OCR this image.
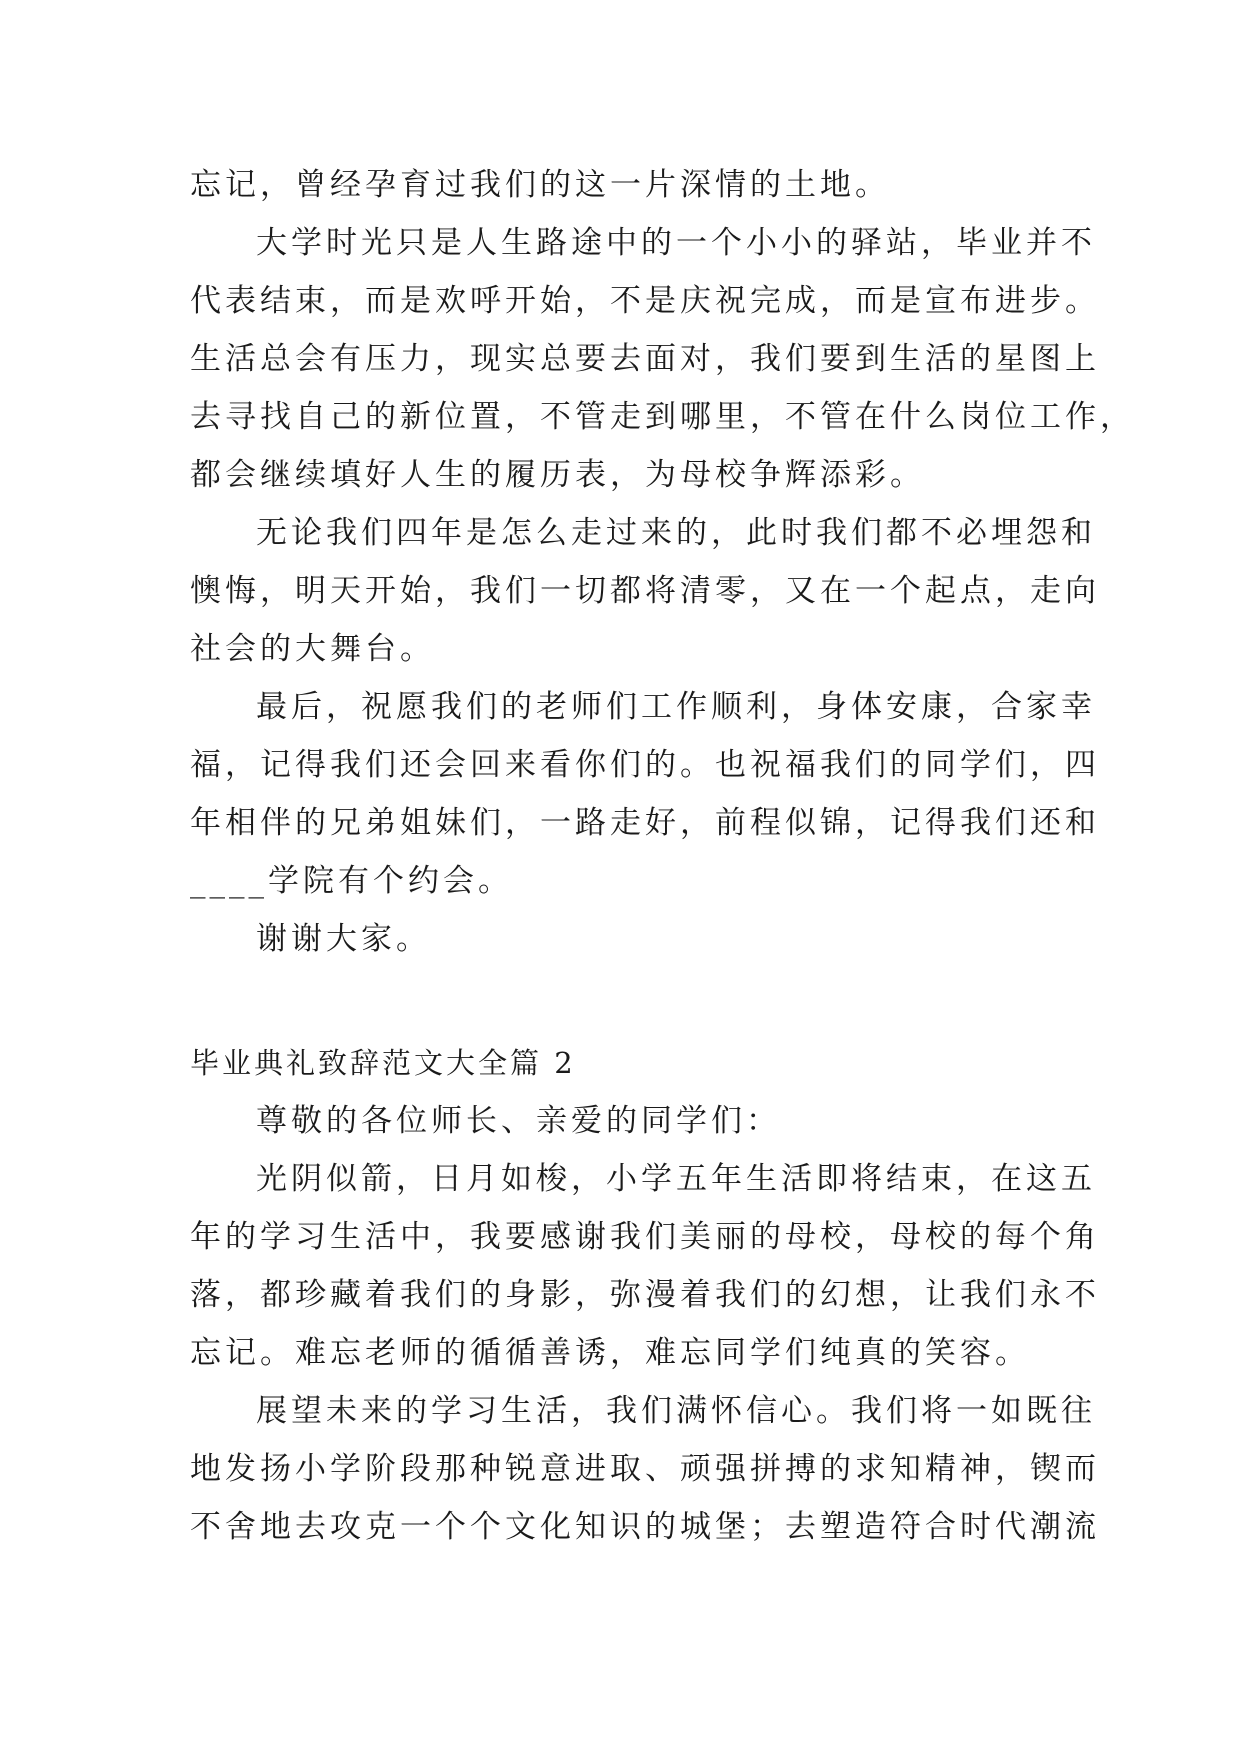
忘记，曾经孕育过我们的这一片深情的土地。
大学时光只是人生路途中的一个小小的驿站，毕业并不
代表结束，而是欢呼开始，不是庆祝完成，而是宣布进步。
生活总会有压力，现实总要去面对，我们要到生活的星图上
去寻找自己的新位置，不管走到哪里，不管在什么岗位工作，
都会继续填好人生的履历表，为母校争辉添彩。
无论我们四年是怎么走过来的，此时我们都不必埋怨和
懊悔，明天开始，我们一切都将清零，又在一个起点，走向
社会的大舞台。
最后，祝愿我们的老师们工作顺利，身体安康，合家幸
福，记得我们还会回来看你们的。也祝福我们的同学们，四
年相伴的兄弟姐妹们，一路走好，前程似锦，记得我们还和
____学院有个约会。
谢谢大家。
毕业典礼致辞范文大全篇 2
尊敬的各位师长、亲爱的同学们：
光阴似箭，日月如梭，小学五年生活即将结束，在这五
年的学习生活中，我要感谢我们美丽的母校，母校的每个角
落，都珍藏着我们的身影，弥漫着我们的幻想，让我们永不
忘记。难忘老师的循循善诱，难忘同学们纯真的笑容。
展望未来的学习生活，我们满怀信心。我们将一如既往
地发扬小学阶段那种锐意进取、顽强拼搏的求知精神，锲而
不舍地去攻克一个个文化知识的城堡；去塑造符合时代潮流
